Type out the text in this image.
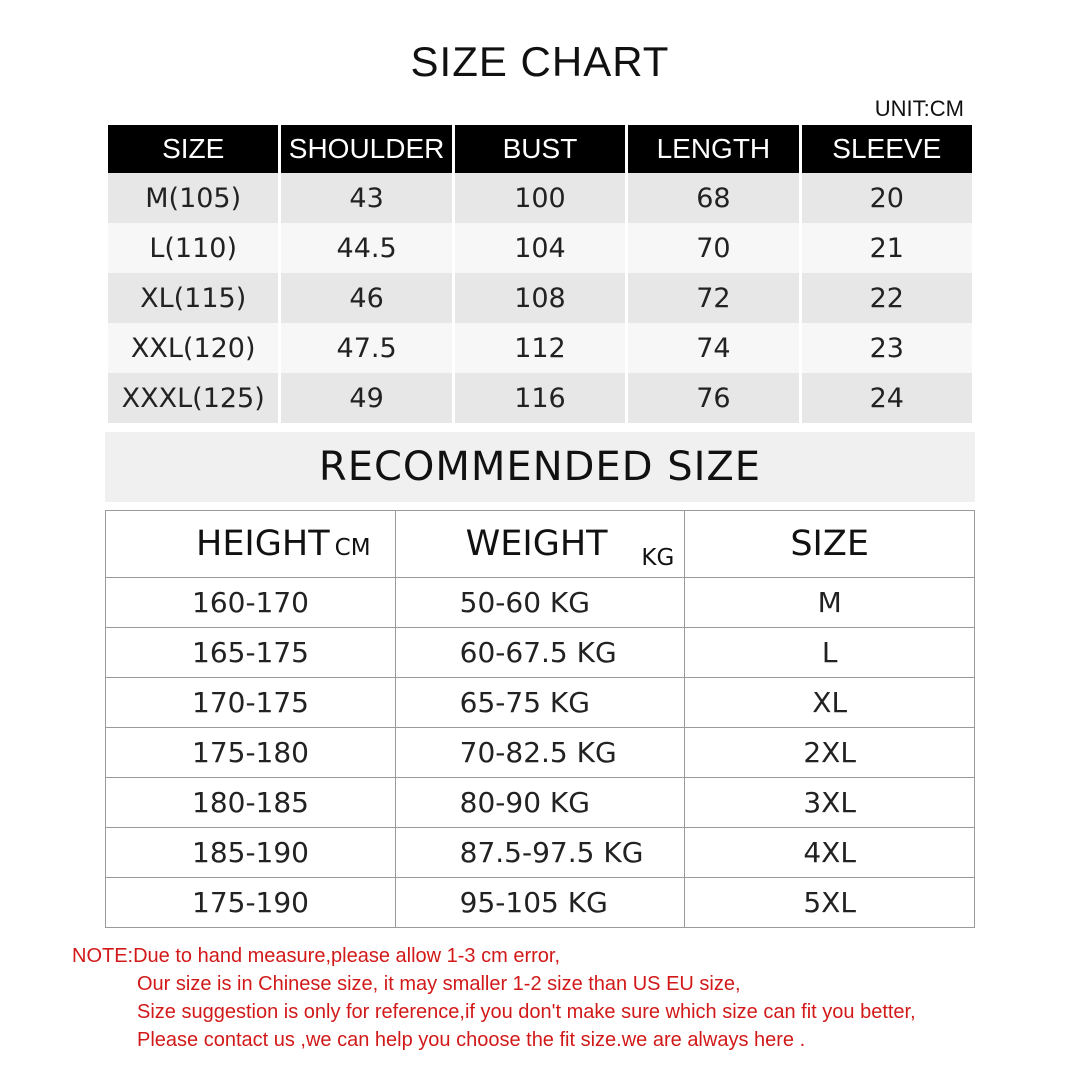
SIZE CHART
UNIT:CM
SIZE	SHOULDER	BUST	LENGTH	SLEEVE
M(105)	43	100	68	20
L(110)	44.5	104	70	21
XL(115)	46	108	72	22
XXL(120)	47.5	112	74	23
XXXL(125)	49	116	76	24
RECOMMENDED SIZE
HEIGHT CM	WEIGHT KG	SIZE
160-170	50-60 KG	M
165-175	60-67.5 KG	L
170-175	65-75 KG	XL
175-180	70-82.5 KG	2XL
180-185	80-90 KG	3XL
185-190	87.5-97.5 KG	4XL
175-190	95-105 KG	5XL
NOTE:Due to hand measure,please allow 1-3 cm error,
Our size is in Chinese size, it may smaller 1-2 size than US EU size,
Size suggestion is only for reference,if you don't make sure which size can fit you better,
Please contact us ,we can help you choose the fit size.we are always here .
